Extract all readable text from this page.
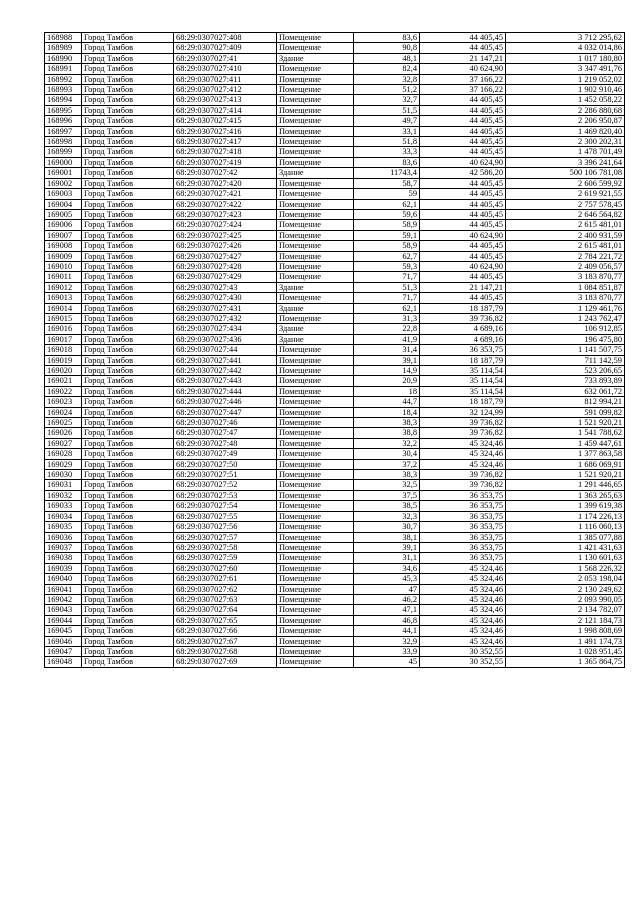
168988	Город Тамбов	68:29:0307027:408	Помещение	83,6	44 405,45	3 712 295,62
168989	Город Тамбов	68:29:0307027:409	Помещение	90,8	44 405,45	4 032 014,86
168990	Город Тамбов	68:29:0307027:41	Здание	48,1	21 147,21	1 017 180,80
168991	Город Тамбов	68:29:0307027:410	Помещение	82,4	40 624,90	3 347 491,76
168992	Город Тамбов	68:29:0307027:411	Помещение	32,8	37 166,22	1 219 052,02
168993	Город Тамбов	68:29:0307027:412	Помещение	51,2	37 166,22	1 902 910,46
168994	Город Тамбов	68:29:0307027:413	Помещение	32,7	44 405,45	1 452 058,22
168995	Город Тамбов	68:29:0307027:414	Помещение	51,5	44 405,45	2 286 880,68
168996	Город Тамбов	68:29:0307027:415	Помещение	49,7	44 405,45	2 206 950,87
168997	Город Тамбов	68:29:0307027:416	Помещение	33,1	44 405,45	1 469 820,40
168998	Город Тамбов	68:29:0307027:417	Помещение	51,8	44 405,45	2 300 202,31
168999	Город Тамбов	68:29:0307027:418	Помещение	33,3	44 405,45	1 478 701,49
169000	Город Тамбов	68:29:0307027:419	Помещение	83,6	40 624,90	3 396 241,64
169001	Город Тамбов	68:29:0307027:42	Здание	11743,4	42 586,20	500 106 781,08
169002	Город Тамбов	68:29:0307027:420	Помещение	58,7	44 405,45	2 606 599,92
169003	Город Тамбов	68:29:0307027:421	Помещение	59	44 405,45	2 619 921,55
169004	Город Тамбов	68:29:0307027:422	Помещение	62,1	44 405,45	2 757 578,45
169005	Город Тамбов	68:29:0307027:423	Помещение	59,6	44 405,45	2 646 564,82
169006	Город Тамбов	68:29:0307027:424	Помещение	58,9	44 405,45	2 615 481,01
169007	Город Тамбов	68:29:0307027:425	Помещение	59,1	40 624,90	2 400 931,59
169008	Город Тамбов	68:29:0307027:426	Помещение	58,9	44 405,45	2 615 481,01
169009	Город Тамбов	68:29:0307027:427	Помещение	62,7	44 405,45	2 784 221,72
169010	Город Тамбов	68:29:0307027:428	Помещение	59,3	40 624,90	2 409 056,57
169011	Город Тамбов	68:29:0307027:429	Помещение	71,7	44 405,45	3 183 870,77
169012	Город Тамбов	68:29:0307027:43	Здание	51,3	21 147,21	1 084 851,87
169013	Город Тамбов	68:29:0307027:430	Помещение	71,7	44 405,45	3 183 870,77
169014	Город Тамбов	68:29:0307027:431	Здание	62,1	18 187,79	1 129 461,76
169015	Город Тамбов	68:29:0307027:432	Помещение	31,3	39 736,82	1 243 762,47
169016	Город Тамбов	68:29:0307027:434	Здание	22,8	4 689,16	106 912,85
169017	Город Тамбов	68:29:0307027:436	Здание	41,9	4 689,16	196 475,80
169018	Город Тамбов	68:29:0307027:44	Помещение	31,4	36 353,75	1 141 507,75
169019	Город Тамбов	68:29:0307027:441	Помещение	39,1	18 187,79	711 142,59
169020	Город Тамбов	68:29:0307027:442	Помещение	14,9	35 114,54	523 206,65
169021	Город Тамбов	68:29:0307027:443	Помещение	20,9	35 114,54	733 893,89
169022	Город Тамбов	68:29:0307027:444	Помещение	18	35 114,54	632 061,72
169023	Город Тамбов	68:29:0307027:446	Помещение	44,7	18 187,79	812 994,21
169024	Город Тамбов	68:29:0307027:447	Помещение	18,4	32 124,99	591 099,82
169025	Город Тамбов	68:29:0307027:46	Помещение	38,3	39 736,82	1 521 920,21
169026	Город Тамбов	68:29:0307027:47	Помещение	38,8	39 736,82	1 541 788,62
169027	Город Тамбов	68:29:0307027:48	Помещение	32,2	45 324,46	1 459 447,61
169028	Город Тамбов	68:29:0307027:49	Помещение	30,4	45 324,46	1 377 863,58
169029	Город Тамбов	68:29:0307027:50	Помещение	37,2	45 324,46	1 686 069,91
169030	Город Тамбов	68:29:0307027:51	Помещение	38,3	39 736,82	1 521 920,21
169031	Город Тамбов	68:29:0307027:52	Помещение	32,5	39 736,82	1 291 446,65
169032	Город Тамбов	68:29:0307027:53	Помещение	37,5	36 353,75	1 363 265,63
169033	Город Тамбов	68:29:0307027:54	Помещение	38,5	36 353,75	1 399 619,38
169034	Город Тамбов	68:29:0307027:55	Помещение	32,3	36 353,75	1 174 226,13
169035	Город Тамбов	68:29:0307027:56	Помещение	30,7	36 353,75	1 116 060,13
169036	Город Тамбов	68:29:0307027:57	Помещение	38,1	36 353,75	1 385 077,88
169037	Город Тамбов	68:29:0307027:58	Помещение	39,1	36 353,75	1 421 431,63
169038	Город Тамбов	68:29:0307027:59	Помещение	31,1	36 353,75	1 130 601,63
169039	Город Тамбов	68:29:0307027:60	Помещение	34,6	45 324,46	1 568 226,32
169040	Город Тамбов	68:29:0307027:61	Помещение	45,3	45 324,46	2 053 198,04
169041	Город Тамбов	68:29:0307027:62	Помещение	47	45 324,46	2 130 249,62
169042	Город Тамбов	68:29:0307027:63	Помещение	46,2	45 324,46	2 093 990,05
169043	Город Тамбов	68:29:0307027:64	Помещение	47,1	45 324,46	2 134 782,07
169044	Город Тамбов	68:29:0307027:65	Помещение	46,8	45 324,46	2 121 184,73
169045	Город Тамбов	68:29:0307027:66	Помещение	44,1	45 324,46	1 998 808,69
169046	Город Тамбов	68:29:0307027:67	Помещение	32,9	45 324,46	1 491 174,73
169047	Город Тамбов	68:29:0307027:68	Помещение	33,9	30 352,55	1 028 951,45
169048	Город Тамбов	68:29:0307027:69	Помещение	45	30 352,55	1 365 864,75
